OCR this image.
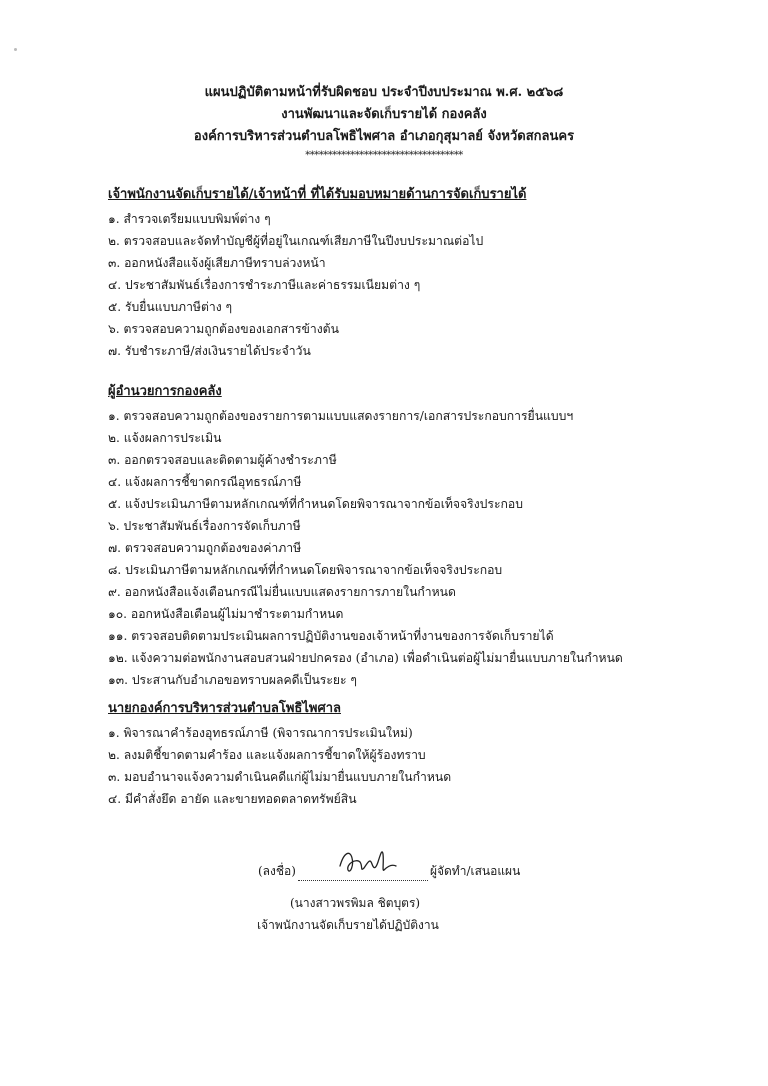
แผนปฏิบัติตามหน้าที่รับผิดชอบ ประจำปีงบประมาณ พ.ศ. ๒๕๖๘
งานพัฒนาและจัดเก็บรายได้ กองคลัง
องค์การบริหารส่วนตำบลโพธิไพศาล อำเภอกุสุมาลย์ จังหวัดสกลนคร
***********************************
เจ้าพนักงานจัดเก็บรายได้/เจ้าหน้าที่ ที่ได้รับมอบหมายด้านการจัดเก็บรายได้
๑. สำรวจเตรียมแบบพิมพ์ต่าง ๆ
๒. ตรวจสอบและจัดทำบัญชีผู้ที่อยู่ในเกณฑ์เสียภาษีในปีงบประมาณต่อไป
๓. ออกหนังสือแจ้งผู้เสียภาษีทราบล่วงหน้า
๔. ประชาสัมพันธ์เรื่องการชำระภาษีและค่าธรรมเนียมต่าง ๆ
๕. รับยื่นแบบภาษีต่าง ๆ
๖. ตรวจสอบความถูกต้องของเอกสารข้างต้น
๗. รับชำระภาษี/ส่งเงินรายได้ประจำวัน
ผู้อำนวยการกองคลัง
๑. ตรวจสอบความถูกต้องของรายการตามแบบแสดงรายการ/เอกสารประกอบการยื่นแบบฯ
๒. แจ้งผลการประเมิน
๓. ออกตรวจสอบและติดตามผู้ค้างชำระภาษี
๔. แจ้งผลการชี้ขาดกรณีอุทธรณ์ภาษี
๕. แจ้งประเมินภาษีตามหลักเกณฑ์ที่กำหนดโดยพิจารณาจากข้อเท็จจริงประกอบ
๖. ประชาสัมพันธ์เรื่องการจัดเก็บภาษี
๗. ตรวจสอบความถูกต้องของค่าภาษี
๘. ประเมินภาษีตามหลักเกณฑ์ที่กำหนดโดยพิจารณาจากข้อเท็จจริงประกอบ
๙. ออกหนังสือแจ้งเตือนกรณีไม่ยื่นแบบแสดงรายการภายในกำหนด
๑๐. ออกหนังสือเตือนผู้ไม่มาชำระตามกำหนด
๑๑. ตรวจสอบติดตามประเมินผลการปฏิบัติงานของเจ้าหน้าที่งานของการจัดเก็บรายได้
๑๒. แจ้งความต่อพนักงานสอบสวนฝ่ายปกครอง (อำเภอ) เพื่อดำเนินต่อผู้ไม่มายื่นแบบภายในกำหนด
๑๓. ประสานกับอำเภอขอทราบผลคดีเป็นระยะ ๆ
นายกองค์การบริหารส่วนตำบลโพธิไพศาล
๑. พิจารณาคำร้องอุทธรณ์ภาษี (พิจารณาการประเมินใหม่)
๒. ลงมติชี้ขาดตามคำร้อง และแจ้งผลการชี้ขาดให้ผู้ร้องทราบ
๓. มอบอำนาจแจ้งความดำเนินคดีแก่ผู้ไม่มายื่นแบบภายในกำหนด
๔. มีคำสั่งยึด อายัด และขายทอดตลาดทรัพย์สิน
(ลงชื่อ)	ผู้จัดทำ/เสนอแผน
(นางสาวพรพิมล ชิตบุตร)
เจ้าพนักงานจัดเก็บรายได้ปฏิบัติงาน
